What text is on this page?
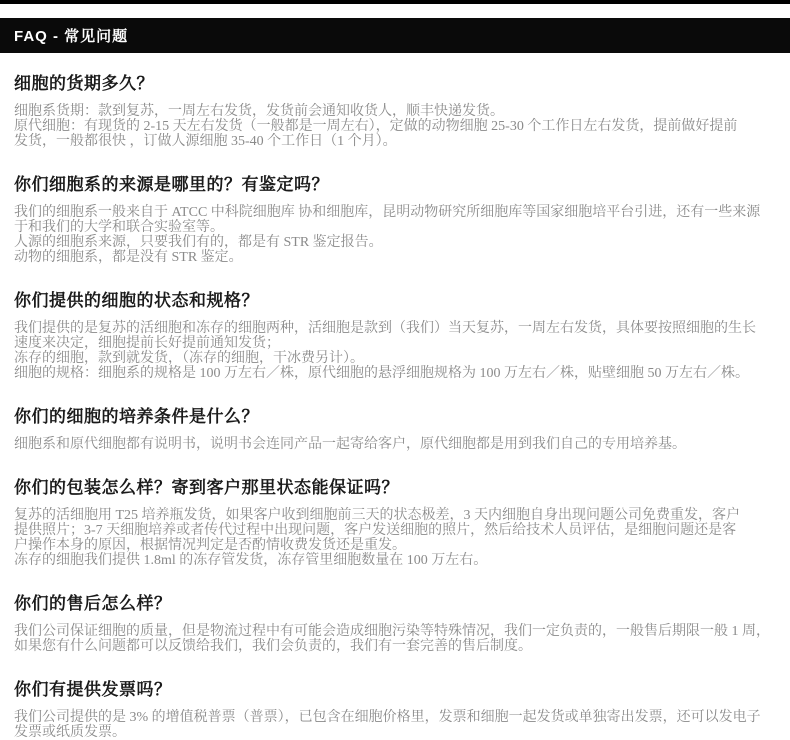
FAQ - 常见问题
细胞的货期多久？
细胞系货期：款到复苏，一周左右发货，发货前会通知收货人，顺丰快递发货。
原代细胞：有现货的 2-15 天左右发货（一般都是一周左右），定做的动物细胞 25-30 个工作日左右发货，提前做好提前
发货，一般都很快 ，订做人源细胞 35-40 个工作日（1 个月）。
你们细胞系的来源是哪里的？有鉴定吗？
我们的细胞系一般来自于 ATCC 中科院细胞库 协和细胞库，昆明动物研究所细胞库等国家细胞培平台引进，还有一些来源
于和我们的大学和联合实验室等。
人源的细胞系来源，只要我们有的，都是有 STR 鉴定报告。
动物的细胞系，都是没有 STR 鉴定。
你们提供的细胞的状态和规格？
我们提供的是复苏的活细胞和冻存的细胞两种，活细胞是款到（我们）当天复苏，一周左右发货，具体要按照细胞的生长
速度来决定，细胞提前长好提前通知发货；
冻存的细胞，款到就发货，（冻存的细胞，干冰费另计）。
细胞的规格：细胞系的规格是 100 万左右／株，原代细胞的悬浮细胞规格为 100 万左右／株，贴壁细胞 50 万左右／株。
你们的细胞的培养条件是什么？
细胞系和原代细胞都有说明书，说明书会连同产品一起寄给客户，原代细胞都是用到我们自己的专用培养基。
你们的包装怎么样？寄到客户那里状态能保证吗？
复苏的活细胞用 T25 培养瓶发货，如果客户收到细胞前三天的状态极差，3 天内细胞自身出现问题公司免费重发，客户
提供照片；3-7 天细胞培养或者传代过程中出现问题，客户发送细胞的照片，然后给技术人员评估，是细胞问题还是客
户操作本身的原因，根据情况判定是否酌情收费发货还是重发。
冻存的细胞我们提供 1.8ml 的冻存管发货，冻存管里细胞数量在 100 万左右。
你们的售后怎么样？
我们公司保证细胞的质量，但是物流过程中有可能会造成细胞污染等特殊情况，我们一定负责的，一般售后期限一般 1 周，
如果您有什么问题都可以反馈给我们，我们会负责的，我们有一套完善的售后制度。
你们有提供发票吗？
我们公司提供的是 3% 的增值税普票（普票），已包含在细胞价格里，发票和细胞一起发货或单独寄出发票，还可以发电子
发票或纸质发票。
